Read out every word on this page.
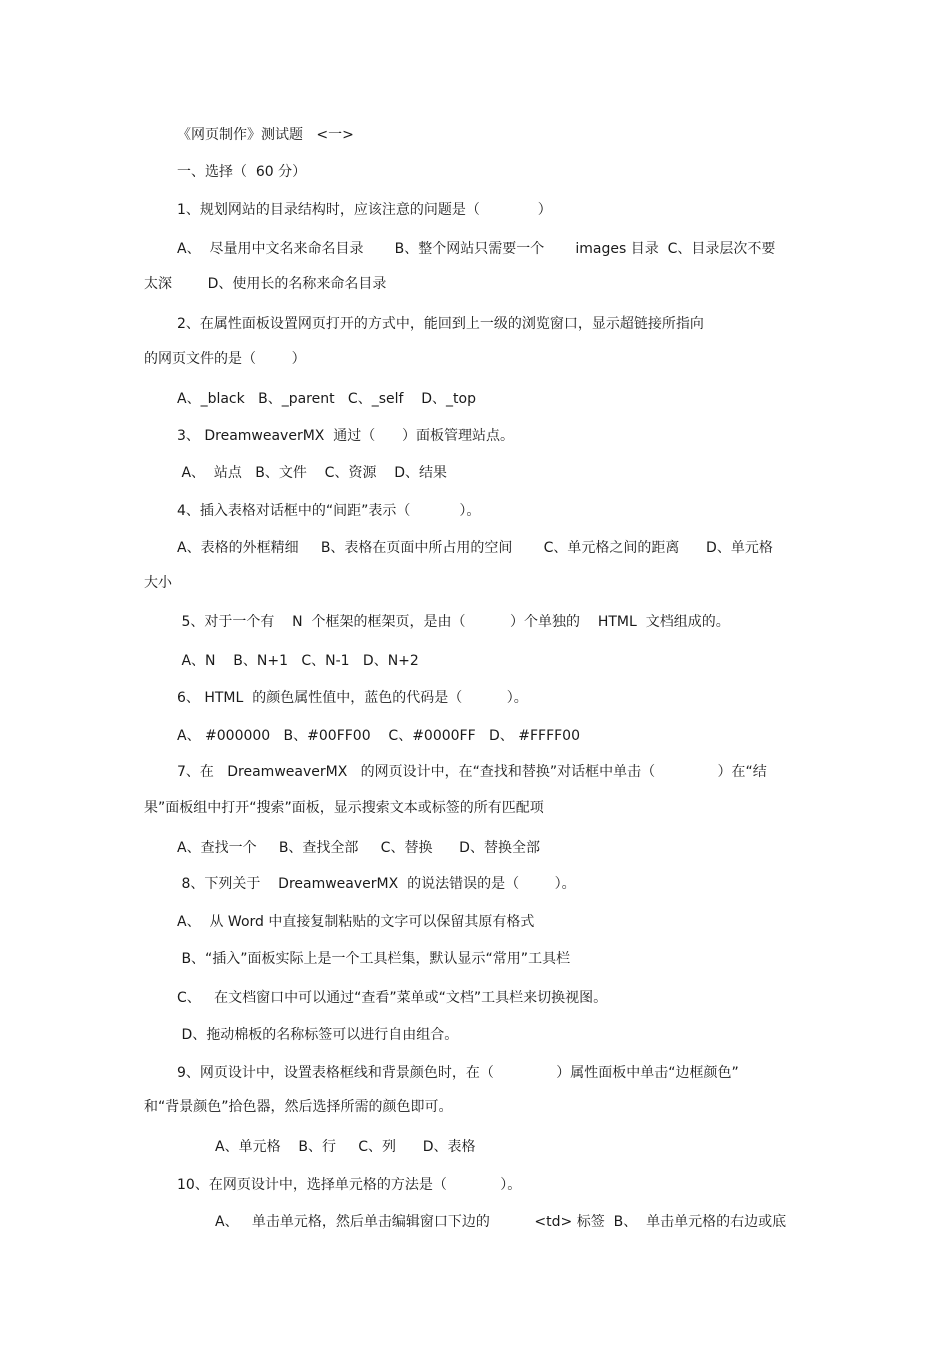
《网页制作》测试题   <一>
一、选择（  60 分）
1、规划网站的目录结构时，应该注意的问题是（             ）
A、  尽量用中文名来命名目录       B、整个网站只需要一个       images 目录  C、目录层次不要
太深        D、使用长的名称来命名目录
2、在属性面板设置网页打开的方式中，能回到上一级的浏览窗口，显示超链接所指向
的网页文件的是（        ）
A、_black   B、_parent   C、_self    D、_top
3、 DreamweaverMX  通过（      ）面板管理站点。
A、  站点   B、文件    C、资源    D、结果
4、插入表格对话框中的“间距”表示（           ）。
A、表格的外框精细     B、表格在页面中所占用的空间       C、单元格之间的距离      D、单元格
大小
5、对于一个有    N  个框架的框架页，是由（          ）个单独的    HTML  文档组成的。
A、N    B、N+1   C、N-1   D、N+2
6、 HTML  的颜色属性值中，蓝色的代码是（          ）。
A、 #000000   B、#00FF00    C、#0000FF   D、 #FFFF00
7、在   DreamweaverMX   的网页设计中，在“查找和替换”对话框中单击（              ）在“结
果”面板组中打开“搜索”面板，显示搜索文本或标签的所有匹配项
A、查找一个     B、查找全部     C、替换      D、替换全部
8、下列关于    DreamweaverMX  的说法错误的是（        ）。
A、  从 Word 中直接复制粘贴的文字可以保留其原有格式
B、“插入”面板实际上是一个工具栏集，默认显示“常用”工具栏
C、   在文档窗口中可以通过“查看”菜单或“文档”工具栏来切换视图。
D、拖动棉板的名称标签可以进行自由组合。
9、网页设计中，设置表格框线和背景颜色时，在（              ）属性面板中单击“边框颜色”
和“背景颜色”拾色器，然后选择所需的颜色即可。
A、单元格    B、行     C、列      D、表格
10、在网页设计中，选择单元格的方法是（            ）。
A、   单击单元格，然后单击编辑窗口下边的          <td> 标签  B、  单击单元格的右边或底
